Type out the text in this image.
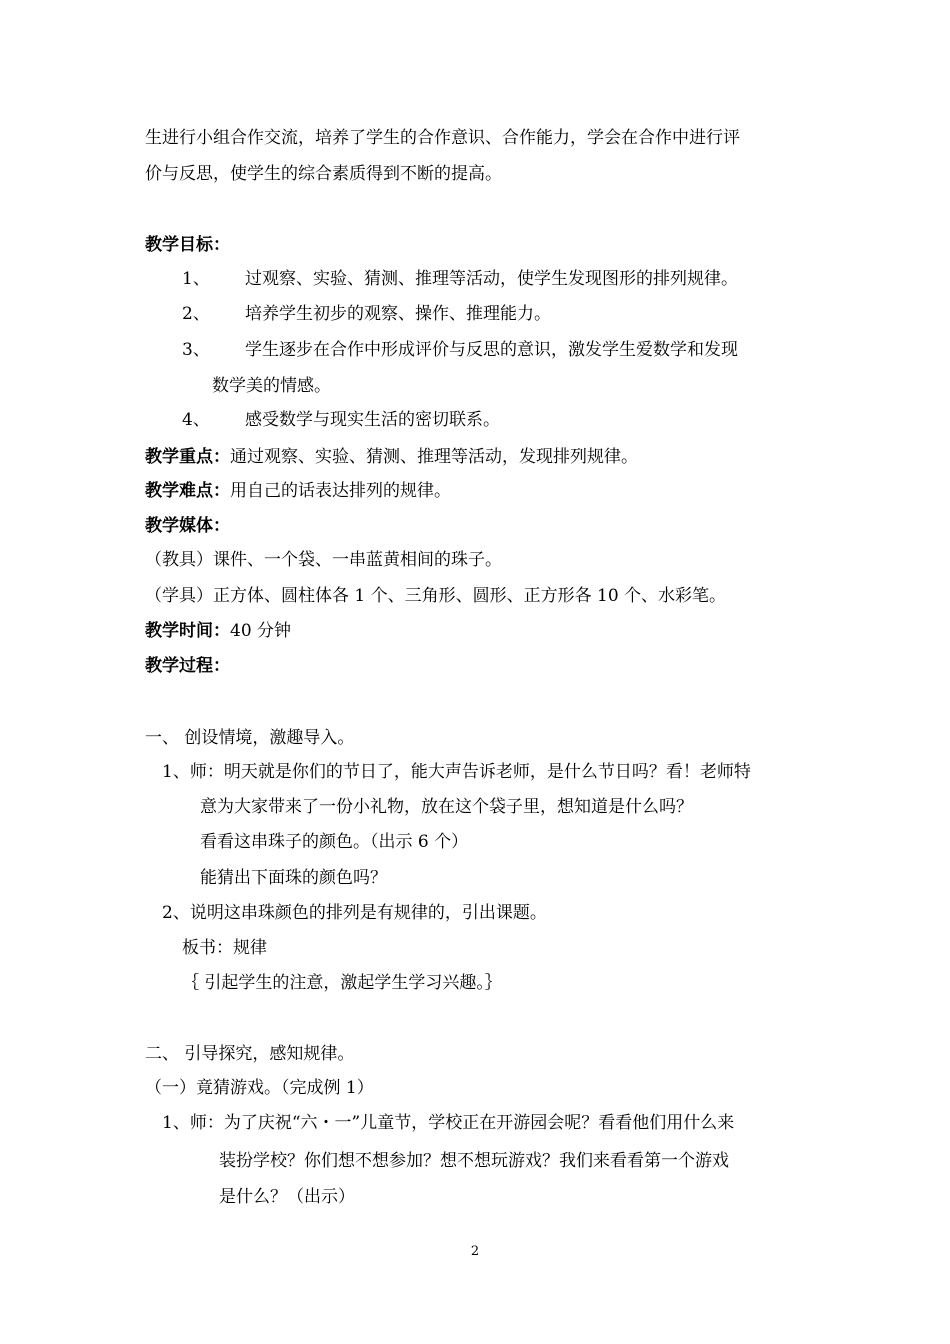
生进行小组合作交流，培养了学生的合作意识、合作能力，学会在合作中进行评
价与反思，使学生的综合素质得到不断的提高。
教学目标：
1、 过观察、实验、猜测、推理等活动，使学生发现图形的排列规律。
2、 培养学生初步的观察、操作、推理能力。
3、 学生逐步在合作中形成评价与反思的意识，激发学生爱数学和发现
数学美的情感。
4、 感受数学与现实生活的密切联系。
教学重点：通过观察、实验、猜测、推理等活动，发现排列规律。
教学难点：用自己的话表达排列的规律。
教学媒体：
（教具）课件、一个袋、一串蓝黄相间的珠子。
（学具）正方体、圆柱体各 1 个、三角形、圆形、正方形各 10 个、水彩笔。
教学时间：40 分钟
教学过程：
一、 创设情境，激趣导入。
1、师：明天就是你们的节日了，能大声告诉老师，是什么节日吗？看！老师特
意为大家带来了一份小礼物，放在这个袋子里，想知道是什么吗？
看看这串珠子的颜色。（出示 6 个）
能猜出下面珠的颜色吗？
2、说明这串珠颜色的排列是有规律的，引出课题。
板书：规律
｛ 引起学生的注意，激起学生学习兴趣。｝
二、 引导探究，感知规律。
（一）竟猜游戏。（完成例 1）
1、师：为了庆祝“六・一”儿童节，学校正在开游园会呢？看看他们用什么来
装扮学校？你们想不想参加？想不想玩游戏？我们来看看第一个游戏
是什么？（出示）
2
